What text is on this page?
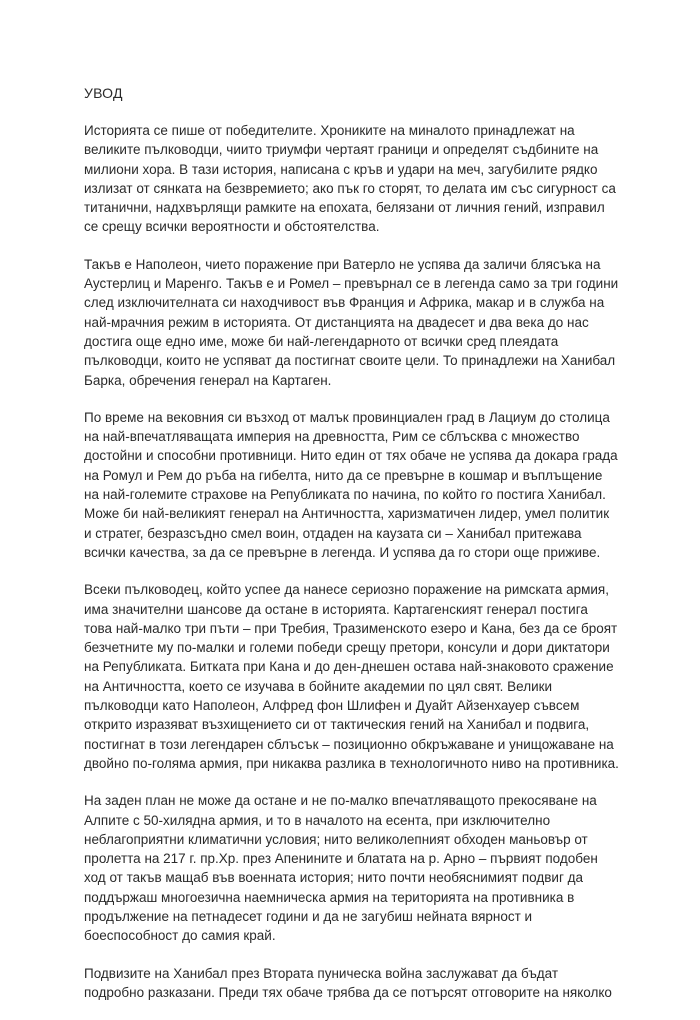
УВОД

Историята се пише от победителите. Хрониките на миналото принадлежат на великите пълководци, чиито триумфи чертаят граници и определят съдбините на милиони хора. В тази история, написана с кръв и удари на меч, загубилите рядко излизат от сянката на безвремието; ако пък го сторят, то делата им със сигурност са титанични, надхвърлящи рамките на епохата, белязани от личния гений, изправил се срещу всички вероятности и обстоятелства.

Такъв е Наполеон, чието поражение при Ватерло не успява да заличи блясъка на Аустерлиц и Маренго. Такъв е и Ромел – превърнал се в легенда само за три години след изключителната си находчивост във Франция и Африка, макар и в служба на най-мрачния режим в историята. От дистанцията на двадесет и два века до нас достига още едно име, може би най-легендарното от всички сред плеядата пълководци, които не успяват да постигнат своите цели. То принадлежи на Ханибал Барка, обречения генерал на Картаген.

По време на вековния си възход от малък провинциален град в Лациум до столица на най-впечатляващата империя на древността, Рим се сблъсква с множество достойни и способни противници. Нито един от тях обаче не успява да докара града на Ромул и Рем до ръба на гибелта, нито да се превърне в кошмар и въплъщение на най-големите страхове на Републиката по начина, по който го постига Ханибал. Може би най-великият генерал на Античността, харизматичен лидер, умел политик и стратег, безразсъдно смел воин, отдаден на каузата си – Ханибал притежава всички качества, за да се превърне в легенда. И успява да го стори още приживе.

Всеки пълководец, който успее да нанесе сериозно поражение на римската армия, има значителни шансове да остане в историята. Картагенският генерал постига това най-малко три пъти – при Требия, Тразименското езеро и Кана, без да се броят безчетните му по-малки и големи победи срещу претори, консули и дори диктатори на Републиката. Битката при Кана и до ден-днешен остава най-знаковото сражение на Античността, което се изучава в бойните академии по цял свят. Велики пълководци като Наполеон, Алфред фон Шлифен и Дуайт Айзенхауер съвсем открито изразяват възхищението си от тактическия гений на Ханибал и подвига, постигнат в този легендарен сблъсък – позиционно обкръжаване и унищожаване на двойно по-голяма армия, при никаква разлика в технологичното ниво на противника.

На заден план не може да остане и не по-малко впечатляващото прекосяване на Алпите с 50-хилядна армия, и то в началото на есента, при изключително неблагоприятни климатични условия; нито великолепният обходен маньовър от пролетта на 217 г. пр.Хр. през Апенините и блатата на р. Арно – първият подобен ход от такъв мащаб във военната история; нито почти необяснимият подвиг да поддържаш многоезична наемническа армия на територията на противника в продължение на петнадесет години и да не загубиш нейната вярност и боеспособност до самия край.

Подвизите на Ханибал през Втората пуническа война заслужават да бъдат подробно разказани. Преди тях обаче трябва да се потърсят отговорите на няколко
